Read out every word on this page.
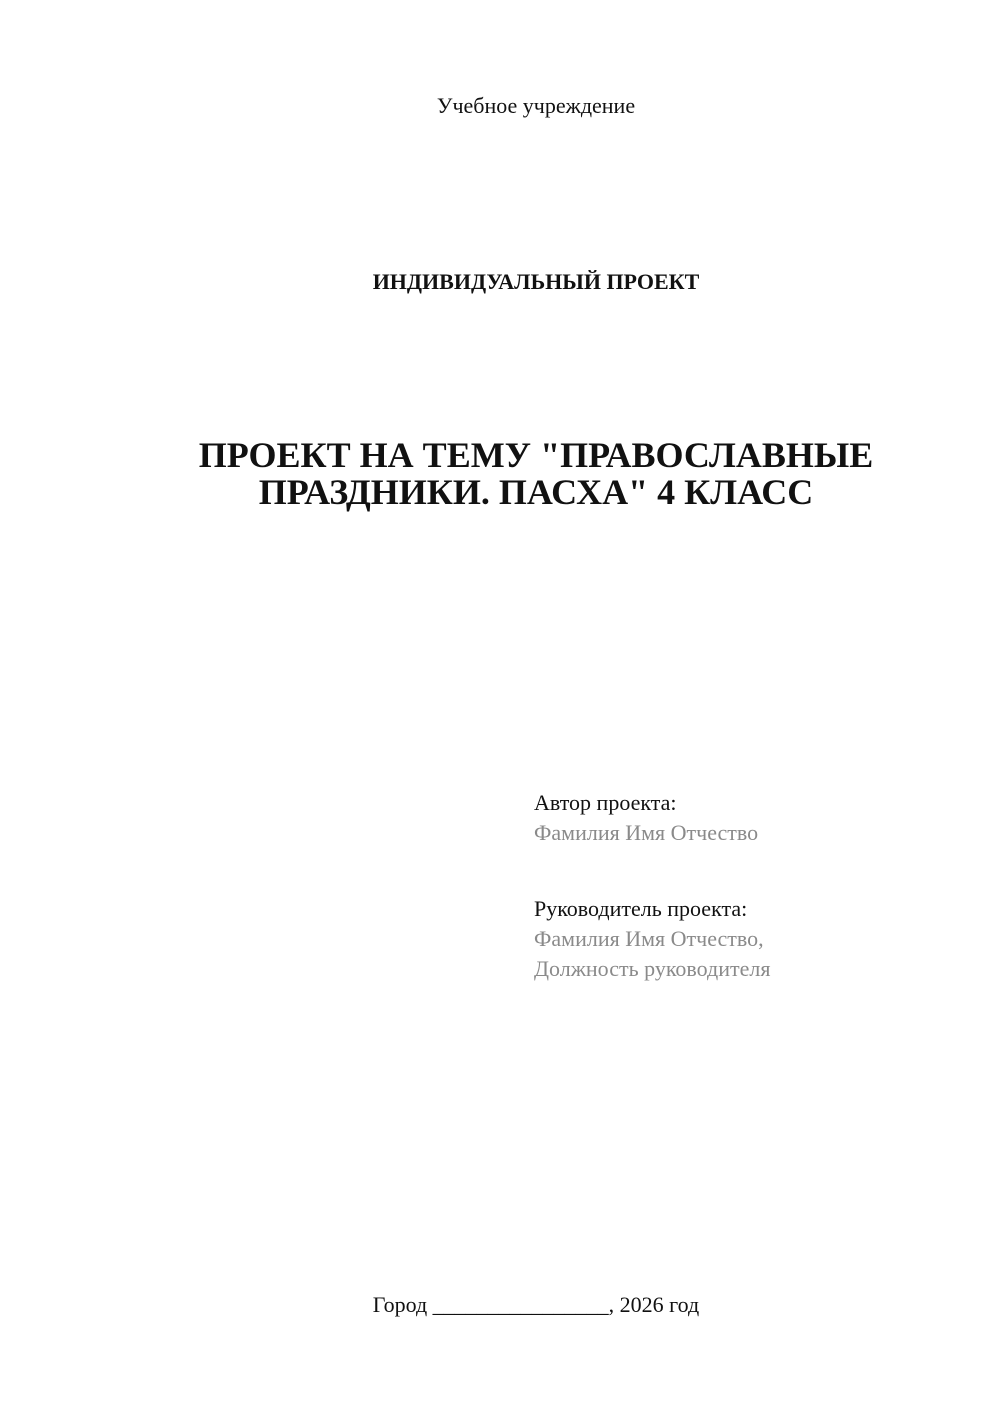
Учебное учреждение
ИНДИВИДУАЛЬНЫЙ ПРОЕКТ
ПРОЕКТ НА ТЕМУ "ПРАВОСЛАВНЫЕ
ПРАЗДНИКИ. ПАСХА" 4 КЛАСС
Автор проекта:
Фамилия Имя Отчество
Руководитель проекта:
Фамилия Имя Отчество,
Должность руководителя
Город ________________, 2026 год
